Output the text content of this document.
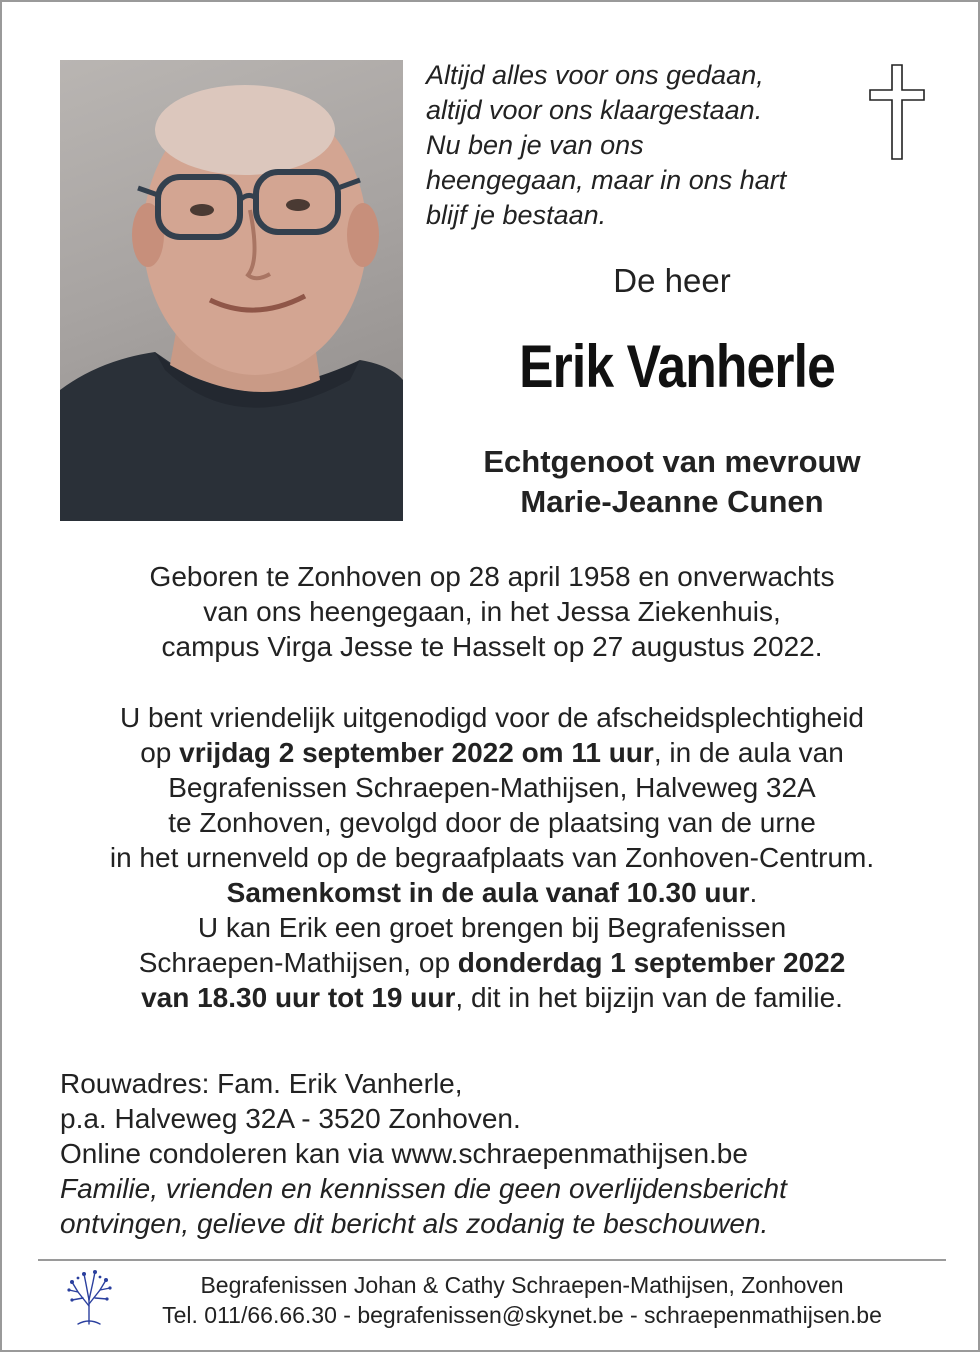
Altijd alles voor ons gedaan,
altijd voor ons klaargestaan.
Nu ben je van ons
heengegaan, maar in ons hart
blijf je bestaan.
De heer
Erik Vanherle
Echtgenoot van mevrouw
Marie-Jeanne Cunen
Geboren te Zonhoven op 28 april 1958 en onverwachts
van ons heengegaan, in het Jessa Ziekenhuis,
campus Virga Jesse te Hasselt op 27 augustus 2022.
U bent vriendelijk uitgenodigd voor de afscheidsplechtigheid
op vrijdag 2 september 2022 om 11 uur, in de aula van
Begrafenissen Schraepen-Mathijsen, Halveweg 32A
te Zonhoven, gevolgd door de plaatsing van de urne
in het urnenveld op de begraafplaats van Zonhoven-Centrum.
Samenkomst in de aula vanaf 10.30 uur.
U kan Erik een groet brengen bij Begrafenissen
Schraepen-Mathijsen, op donderdag 1 september 2022
van 18.30 uur tot 19 uur, dit in het bijzijn van de familie.
Rouwadres: Fam. Erik Vanherle,
p.a. Halveweg 32A - 3520 Zonhoven.
Online condoleren kan via www.schraepenmathijsen.be
Familie, vrienden en kennissen die geen overlijdensbericht
ontvingen, gelieve dit bericht als zodanig te beschouwen.
Begrafenissen Johan & Cathy Schraepen-Mathijsen, Zonhoven
Tel. 011/66.66.30 - begrafenissen@skynet.be - schraepenmathijsen.be
